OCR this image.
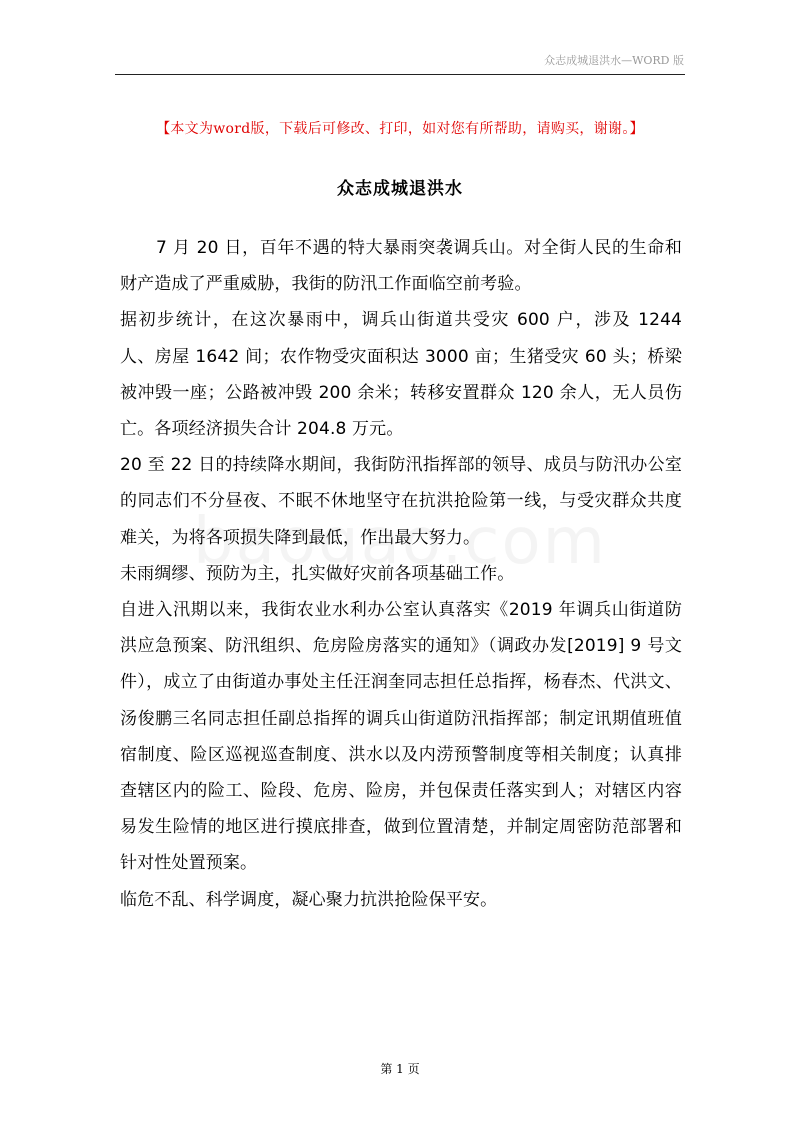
众志成城退洪水—WORD 版
【本文为word版，下载后可修改、打印，如对您有所帮助，请购买，谢谢。】
众志成城退洪水

7 月 20 日，百年不遇的特大暴雨突袭调兵山。对全街人民的生命和财产造成了严重威胁，我街的防汛工作面临空前考验。

据初步统计，在这次暴雨中，调兵山街道共受灾 600 户，涉及 1244 人、房屋 1642 间；农作物受灾面积达 3000 亩；生猪受灾 60 头；桥梁被冲毁一座；公路被冲毁 200 余米；转移安置群众 120 余人，无人员伤亡。各项经济损失合计 204.8 万元。

20 至 22 日的持续降水期间，我街防汛指挥部的领导、成员与防汛办公室的同志们不分昼夜、不眠不休地坚守在抗洪抢险第一线，与受灾群众共度难关，为将各项损失降到最低，作出最大努力。

未雨绸缪、预防为主，扎实做好灾前各项基础工作。

自进入汛期以来，我街农业水利办公室认真落实《2019 年调兵山街道防洪应急预案、防汛组织、危房险房落实的通知》（调政办发[2019] 9 号文件），成立了由街道办事处主任汪润奎同志担任总指挥，杨春杰、代洪文、汤俊鹏三名同志担任副总指挥的调兵山街道防汛指挥部；制定讯期值班值宿制度、险区巡视巡查制度、洪水以及内涝预警制度等相关制度；认真排查辖区内的险工、险段、危房、险房，并包保责任落实到人；对辖区内容易发生险情的地区进行摸底排查，做到位置清楚，并制定周密防范部署和针对性处置预案。

临危不乱、科学调度，凝心聚力抗洪抢险保平安。

第 1 页
